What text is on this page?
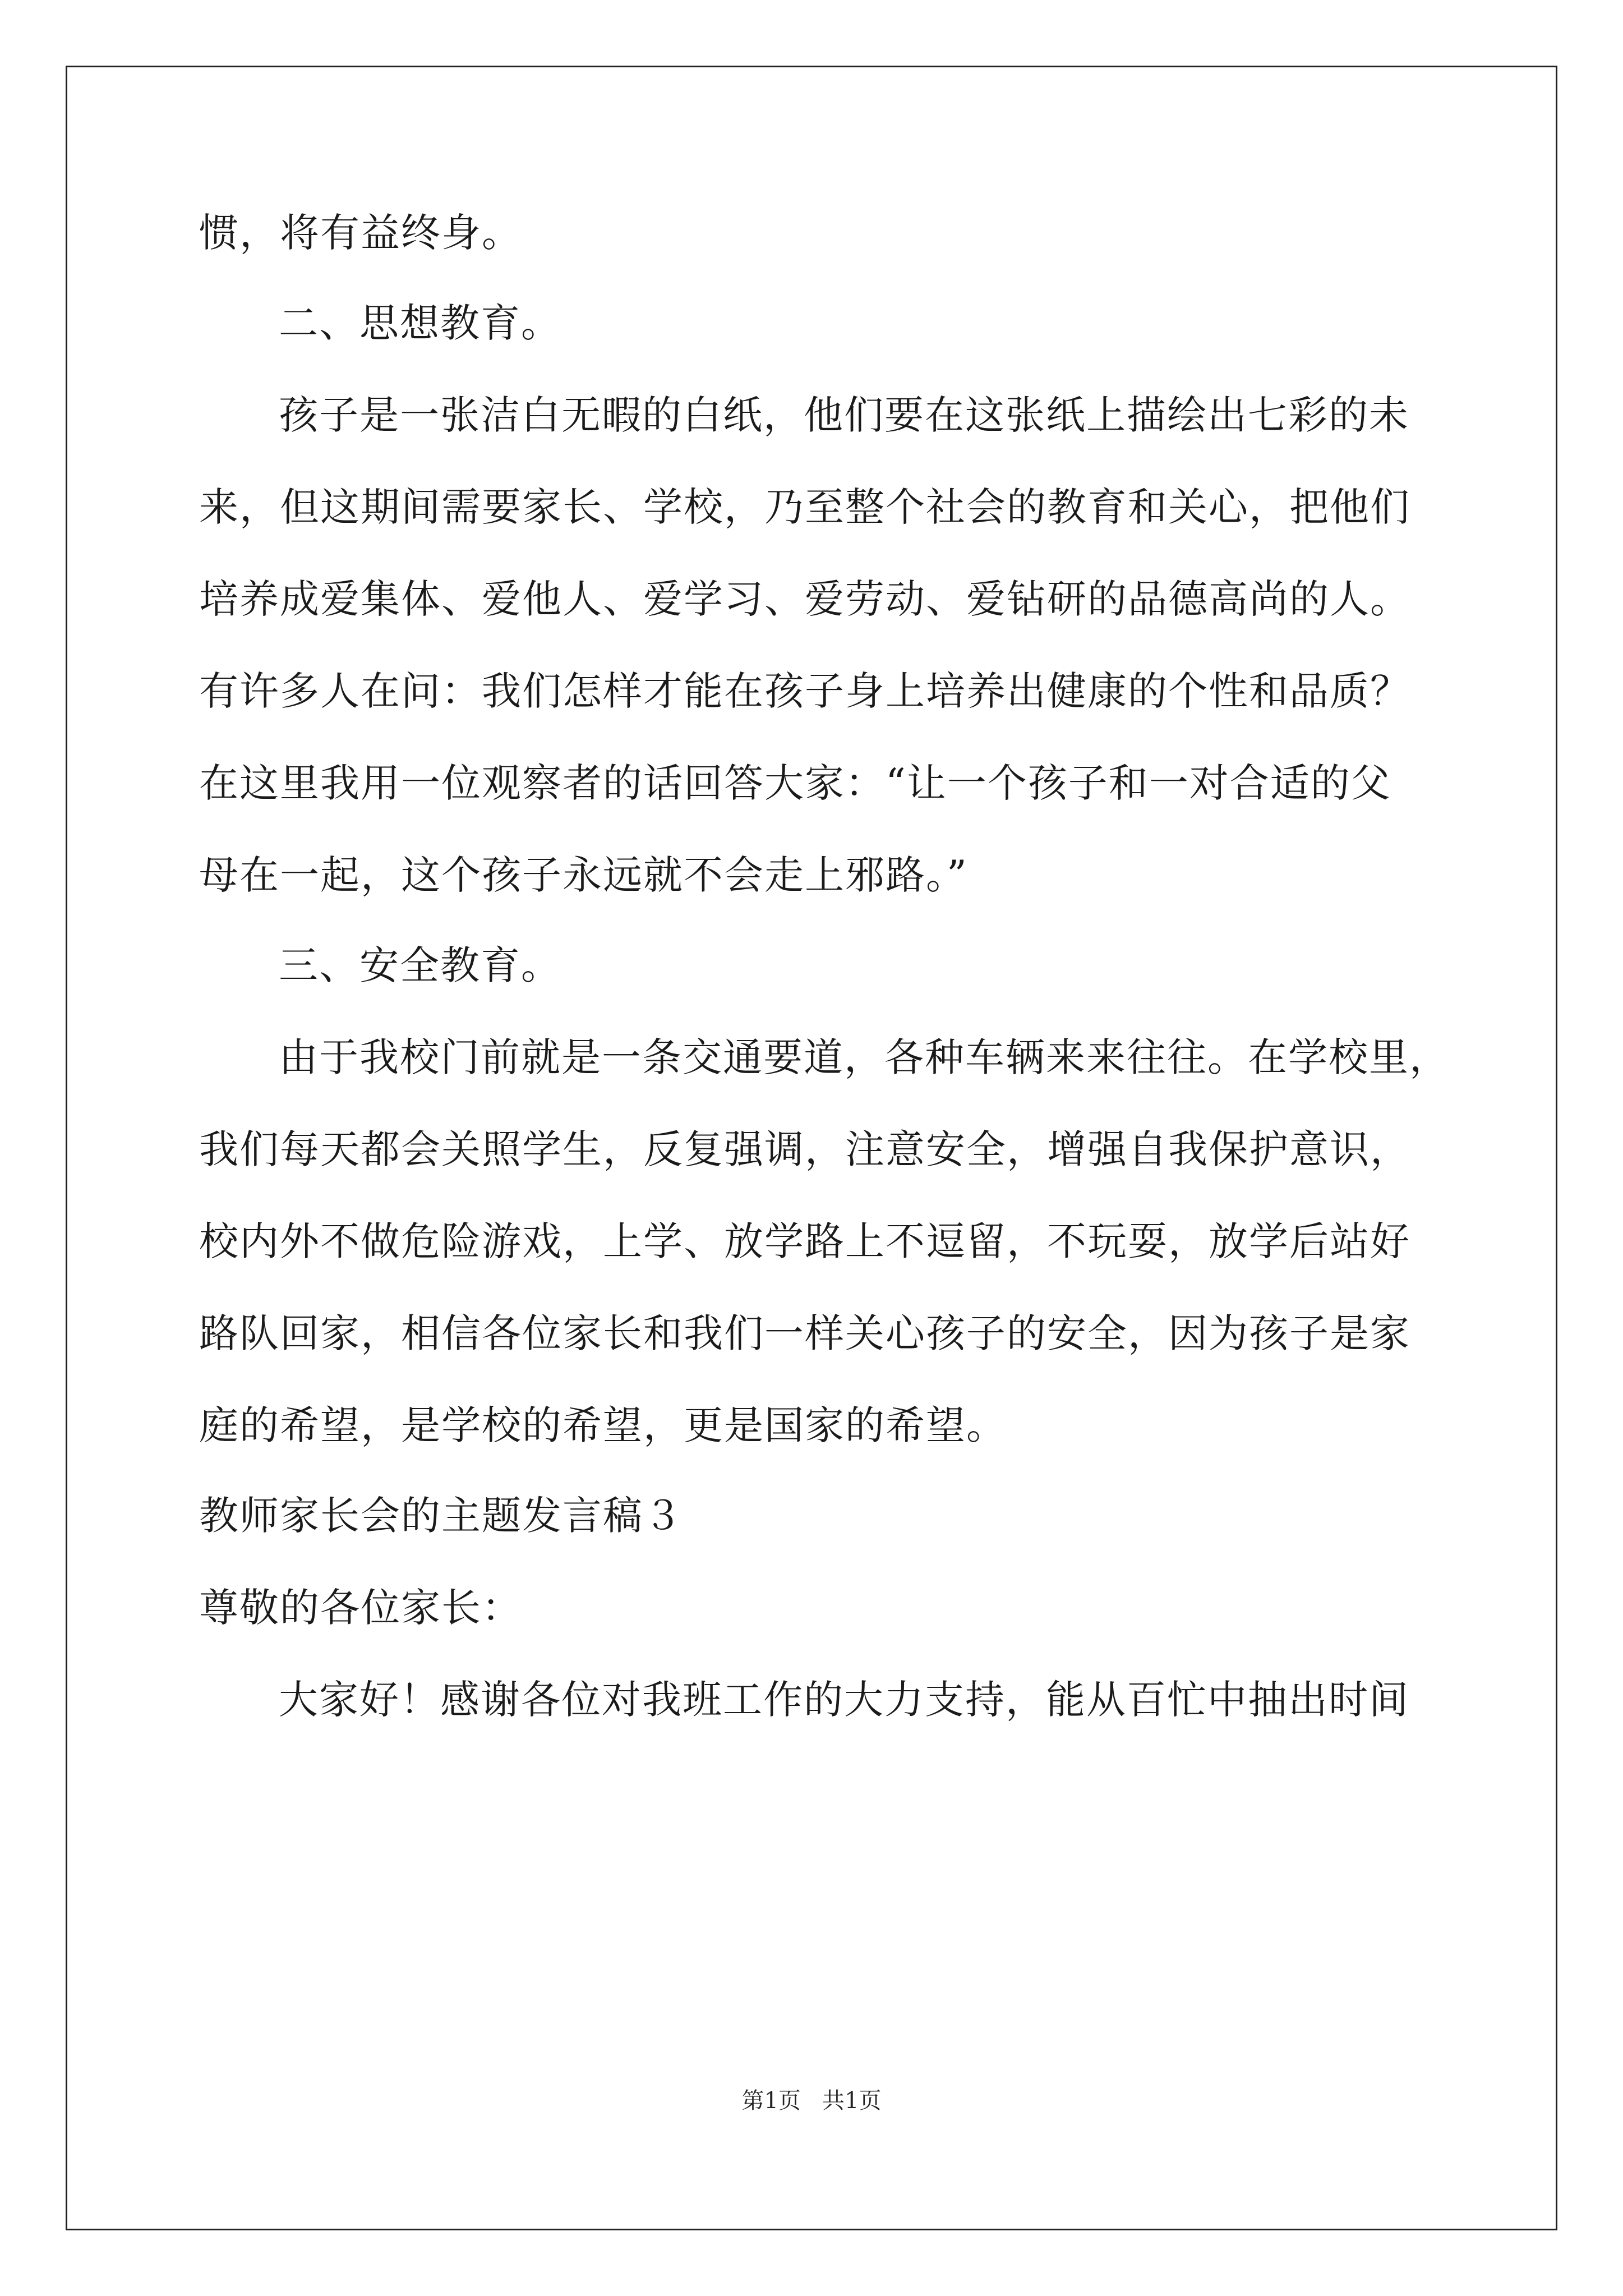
惯，将有益终身。
二、思想教育。
孩子是一张洁白无暇的白纸，他们要在这张纸上描绘出七彩的未
来，但这期间需要家长、学校，乃至整个社会的教育和关心，把他们
培养成爱集体、爱他人、爱学习、爱劳动、爱钻研的品德高尚的人。
有许多人在问：我们怎样才能在孩子身上培养出健康的个性和品质？
在这里我用一位观察者的话回答大家：“让一个孩子和一对合适的父
母在一起，这个孩子永远就不会走上邪路。”
三、安全教育。
由于我校门前就是一条交通要道，各种车辆来来往往。在学校里，
我们每天都会关照学生，反复强调，注意安全，增强自我保护意识，
校内外不做危险游戏，上学、放学路上不逗留，不玩耍，放学后站好
路队回家，相信各位家长和我们一样关心孩子的安全，因为孩子是家
庭的希望，是学校的希望，更是国家的希望。
教师家长会的主题发言稿３
尊敬的各位家长：
大家好！感谢各位对我班工作的大力支持，能从百忙中抽出时间
第1页   共1页
